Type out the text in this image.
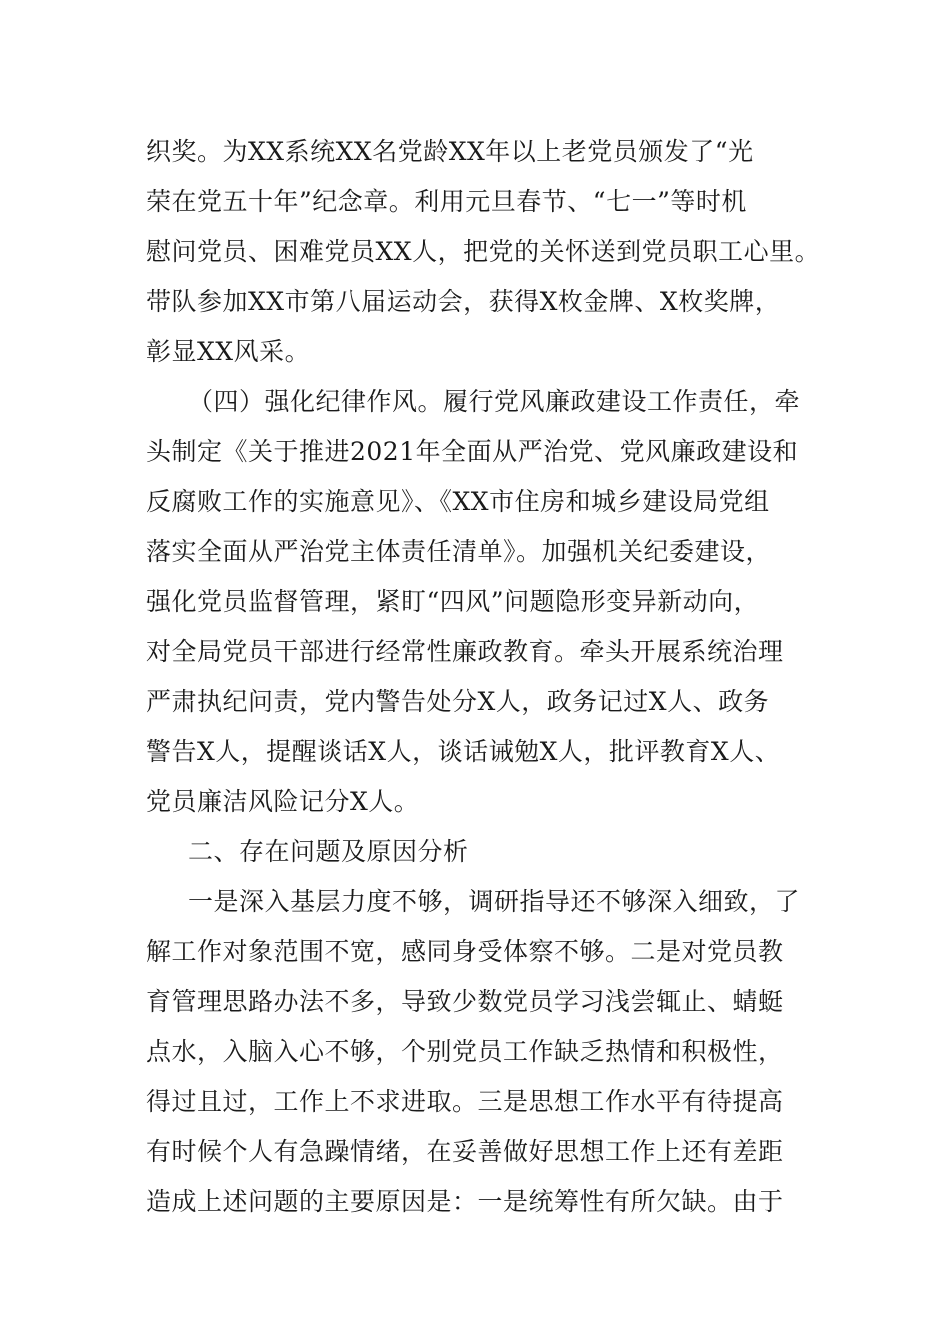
织奖。为XX系统XX名党龄XX年以上老党员颁发了“光
荣在党五十年”纪念章。利用元旦春节、“七一”等时机
慰问党员、困难党员XX人，把党的关怀送到党员职工心里。
带队参加XX市第八届运动会，获得X枚金牌、X枚奖牌，
彰显XX风采。
（四）强化纪律作风。履行党风廉政建设工作责任，牵
头制定《关于推进2021年全面从严治党、党风廉政建设和
反腐败工作的实施意见》、《XX市住房和城乡建设局党组
落实全面从严治党主体责任清单》。加强机关纪委建设，
强化党员监督管理，紧盯“四风”问题隐形变异新动向，
对全局党员干部进行经常性廉政教育。牵头开展系统治理
严肃执纪问责，党内警告处分X人，政务记过X人、政务
警告X人，提醒谈话X人，谈话诫勉X人，批评教育X人、
党员廉洁风险记分X人。
二、存在问题及原因分析
一是深入基层力度不够，调研指导还不够深入细致，了
解工作对象范围不宽，感同身受体察不够。二是对党员教
育管理思路办法不多，导致少数党员学习浅尝辄止、蜻蜓
点水，入脑入心不够，个别党员工作缺乏热情和积极性，
得过且过，工作上不求进取。三是思想工作水平有待提高
有时候个人有急躁情绪，在妥善做好思想工作上还有差距
造成上述问题的主要原因是：一是统筹性有所欠缺。由于
